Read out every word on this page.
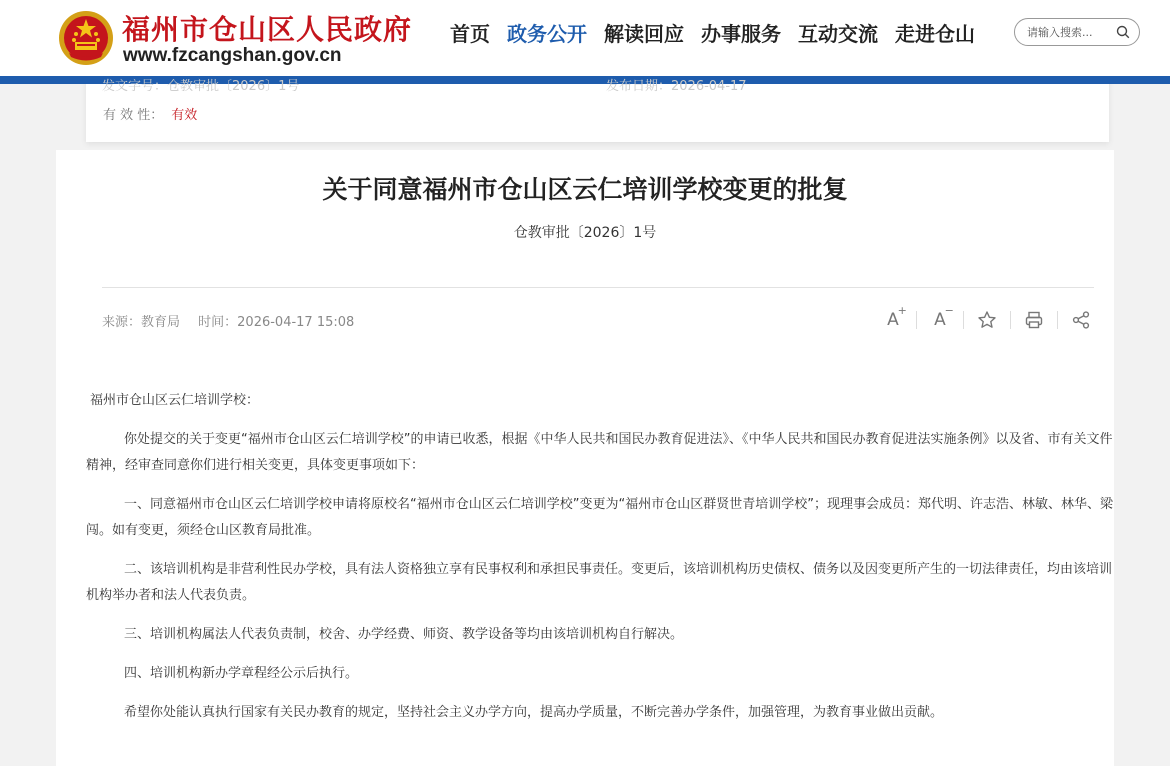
福州市仓山区人民政府
www.fzcangshan.gov.cn
首页 政务公开 解读回应 办事服务 互动交流 走进仓山
请输入搜索...
有 效 性： 有效
发文字号：仓教审批〔2026〕1号	发布日期：2026-04-17
关于同意福州市仓山区云仁培训学校变更的批复
仓教审批〔2026〕1号
来源：教育局 时间：2026-04-17 15:08	A
+ A
−

福州市仓山区云仁培训学校：

你处提交的关于变更“福州市仓山区云仁培训学校”的申请已收悉，根据《中华人民共和国民办教育促进法》、《中华人民共和国民办教育促进法实施条例》以及省、市有关文件精神，经审查同意你们进行相关变更，具体变更事项如下：

一、同意福州市仓山区云仁培训学校申请将原校名“福州市仓山区云仁培训学校”变更为“福州市仓山区群贤世青培训学校”；现理事会成员：郑代明、许志浩、林敏、林华、梁闯。如有变更，须经仓山区教育局批准。

二、该培训机构是非营利性民办学校，具有法人资格独立享有民事权利和承担民事责任。变更后，该培训机构历史债权、债务以及因变更所产生的一切法律责任，均由该培训机构举办者和法人代表负责。

三、培训机构属法人代表负责制，校舍、办学经费、师资、教学设备等均由该培训机构自行解决。

四、培训机构新办学章程经公示后执行。

希望你处能认真执行国家有关民办教育的规定，坚持社会主义办学方向，提高办学质量，不断完善办学条件，加强管理，为教育事业做出贡献。
